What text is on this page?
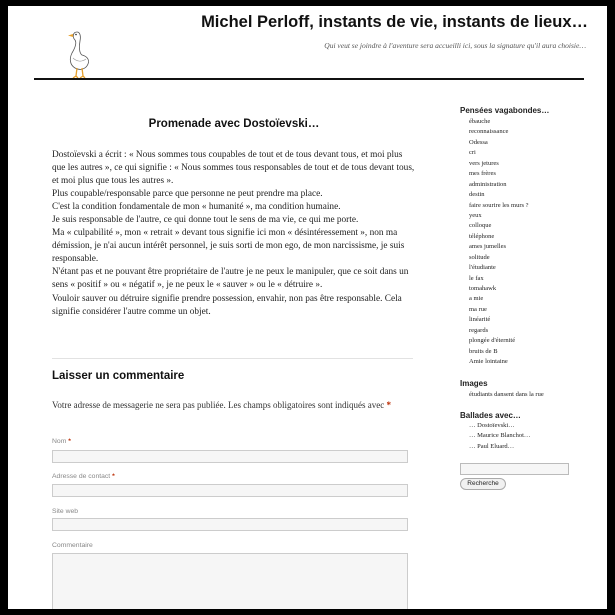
Michel Perloff, instants de vie, instants de lieux…
Qui veut se joindre à l'aventure sera accueilli ici, sous la signature qu'il aura choisie…
Promenade avec Dostoïevski…

Dostoïevski a écrit : « Nous sommes tous coupables de tout et de tous devant tous, et moi plus que les autres », ce qui signifie : « Nous sommes tous responsables de tout et de tous devant tous, et moi plus que tous les autres ».

Plus coupable/responsable parce que personne ne peut prendre ma place.

C'est la condition fondamentale de mon « humanité », ma condition humaine.

Je suis responsable de l'autre, ce qui donne tout le sens de ma vie, ce qui me porte.

Ma « culpabilité », mon « retrait » devant tous signifie ici mon « désintéressement », non ma démission, je n'ai aucun intérêt personnel, je suis sorti de mon ego, de mon narcissisme, je suis responsable.

N'étant pas et ne pouvant être propriétaire de l'autre je ne peux le manipuler, que ce soit dans un sens « positif » ou « négatif », je ne peux le « sauver » ou le « détruire ».

Vouloir sauver ou détruire signifie prendre possession, envahir, non pas être responsable. Cela signifie considérer l'autre comme un objet.

Laisser un commentaire
Votre adresse de messagerie ne sera pas publiée. Les champs obligatoires sont indiqués avec *
Nom *
Adresse de contact *
Site web
Commentaire
Pensées vagabondes…
ébauche
reconnaissance
Odessa
cri
vers jetures
mes frères
administration
destin
faire sourire les murs ?
yeux
colloque
téléphone
ames jumelles
solitude
l'étudiante
le fax
tomahawk
a mie
ma rue
linéarité
regards
plongée d'éternité
bruits de B
Amie lointaine
Images
étudiants dansent dans la rue
Ballades avec…
… Dostoïevski…
… Maurice Blanchot…
… Paul Eluard…
Recherche
